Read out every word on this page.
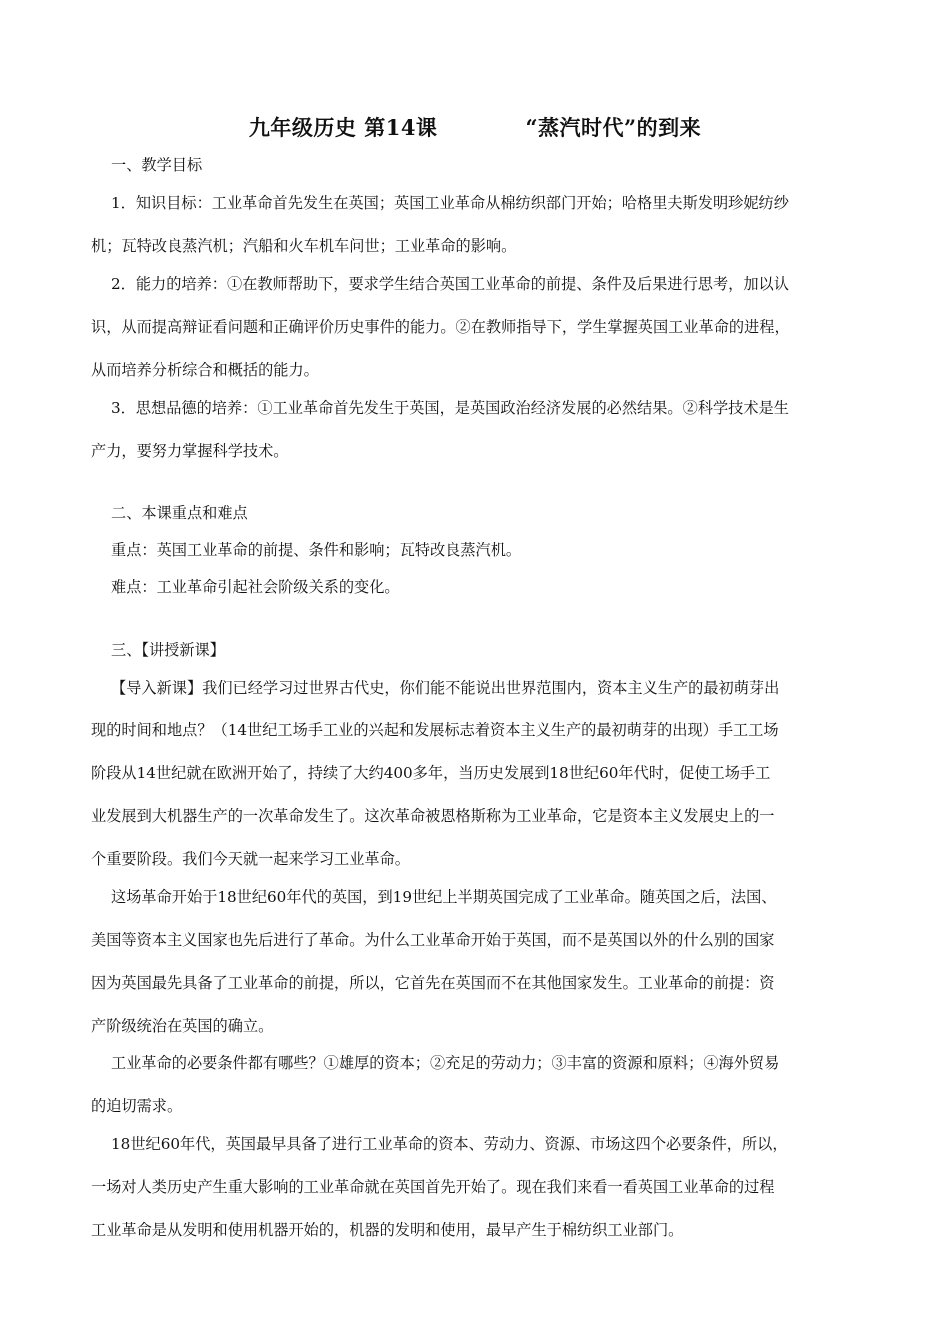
九年级历史 第14课	“蒸汽时代”的到来
一、教学目标
1．知识目标：工业革命首先发生在英国；英国工业革命从棉纺织部门开始；哈格里夫斯发明珍妮纺纱
机；瓦特改良蒸汽机；汽船和火车机车问世；工业革命的影响。
2．能力的培养：①在教师帮助下，要求学生结合英国工业革命的前提、条件及后果进行思考，加以认
识，从而提高辩证看问题和正确评价历史事件的能力。②在教师指导下，学生掌握英国工业革命的进程，
从而培养分析综合和概括的能力。
3．思想品德的培养：①工业革命首先发生于英国，是英国政治经济发展的必然结果。②科学技术是生
产力，要努力掌握科学技术。
二、本课重点和难点
重点：英国工业革命的前提、条件和影响；瓦特改良蒸汽机。
难点：工业革命引起社会阶级关系的变化。
三、【讲授新课】
【导入新课】我们已经学习过世界古代史，你们能不能说出世界范围内，资本主义生产的最初萌芽出
现的时间和地点？（14世纪工场手工业的兴起和发展标志着资本主义生产的最初萌芽的出现）手工工场
阶段从14世纪就在欧洲开始了，持续了大约400多年，当历史发展到18世纪60年代时，促使工场手工
业发展到大机器生产的一次革命发生了。这次革命被恩格斯称为工业革命，它是资本主义发展史上的一
个重要阶段。我们今天就一起来学习工业革命。
这场革命开始于18世纪60年代的英国，到19世纪上半期英国完成了工业革命。随英国之后，法国、
美国等资本主义国家也先后进行了革命。为什么工业革命开始于英国，而不是英国以外的什么别的国家
因为英国最先具备了工业革命的前提，所以，它首先在英国而不在其他国家发生。工业革命的前提：资
产阶级统治在英国的确立。
工业革命的必要条件都有哪些？①雄厚的资本；②充足的劳动力；③丰富的资源和原料；④海外贸易
的迫切需求。
18世纪60年代，英国最早具备了进行工业革命的资本、劳动力、资源、市场这四个必要条件，所以，
一场对人类历史产生重大影响的工业革命就在英国首先开始了。现在我们来看一看英国工业革命的过程
工业革命是从发明和使用机器开始的，机器的发明和使用，最早产生于棉纺织工业部门。
